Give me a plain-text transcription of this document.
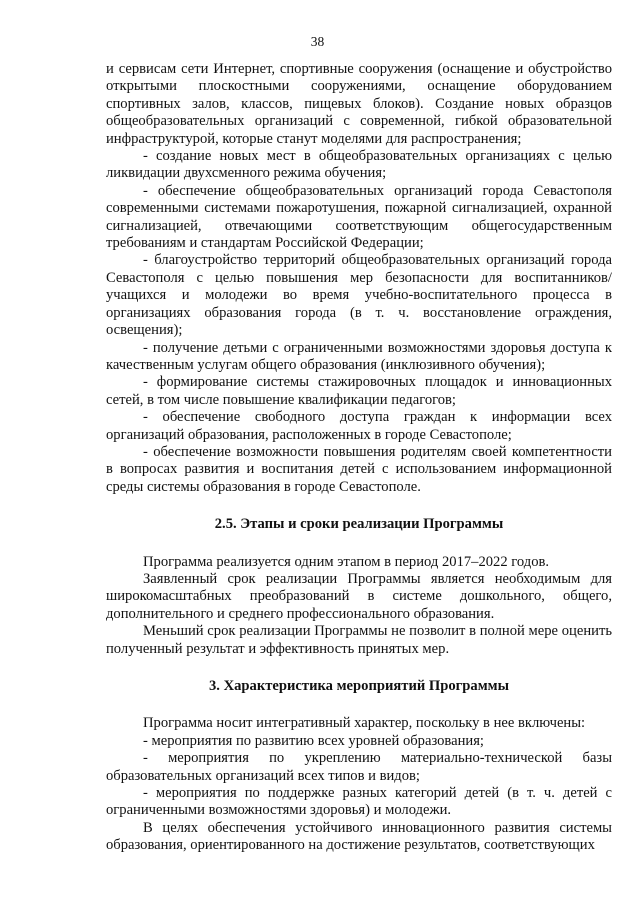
38

и сервисам сети Интернет, спортивные сооружения (оснащение и обустройство открытыми плоскостными сооружениями, оснащение оборудованием спортивных залов, классов, пищевых блоков). Создание новых образцов общеобразовательных организаций с современной, гибкой образовательной инфраструктурой, которые станут моделями для распространения;

- создание новых мест в общеобразовательных организациях с целью ликвидации двухсменного режима обучения;

- обеспечение общеобразовательных организаций города Севастополя современными системами пожаротушения, пожарной сигнализацией, охранной сигнализацией, отвечающими соответствующим общегосударственным требованиям и стандартам Российской Федерации;

- благоустройство территорий общеобразовательных организаций города Севастополя с целью повышения мер безопасности для воспитанников/учащихся и молодежи во время учебно-воспитательного процесса в организациях образования города (в т. ч. восстановление ограждения, освещения);

- получение детьми с ограниченными возможностями здоровья доступа к качественным услугам общего образования (инклюзивного обучения);

- формирование системы стажировочных площадок и инновационных сетей, в том числе повышение квалификации педагогов;

- обеспечение свободного доступа граждан к информации всех организаций образования, расположенных в городе Севастополе;

- обеспечение возможности повышения родителям своей компетентности в вопросах развития и воспитания детей с использованием информационной среды системы образования в городе Севастополе.

2.5. Этапы и сроки реализации Программы

Программа реализуется одним этапом в период 2017–2022 годов.

Заявленный срок реализации Программы является необходимым для широкомасштабных преобразований в системе дошкольного, общего, дополнительного и среднего профессионального образования.

Меньший срок реализации Программы не позволит в полной мере оценить полученный результат и эффективность принятых мер.

3. Характеристика мероприятий Программы

Программа носит интегративный характер, поскольку в нее включены:

- мероприятия по развитию всех уровней образования;

- мероприятия по укреплению материально-технической базы образовательных организаций всех типов и видов;

- мероприятия по поддержке разных категорий детей (в т. ч. детей с ограниченными возможностями здоровья) и молодежи.

В целях обеспечения устойчивого инновационного развития системы образования, ориентированного на достижение результатов, соответствующих
